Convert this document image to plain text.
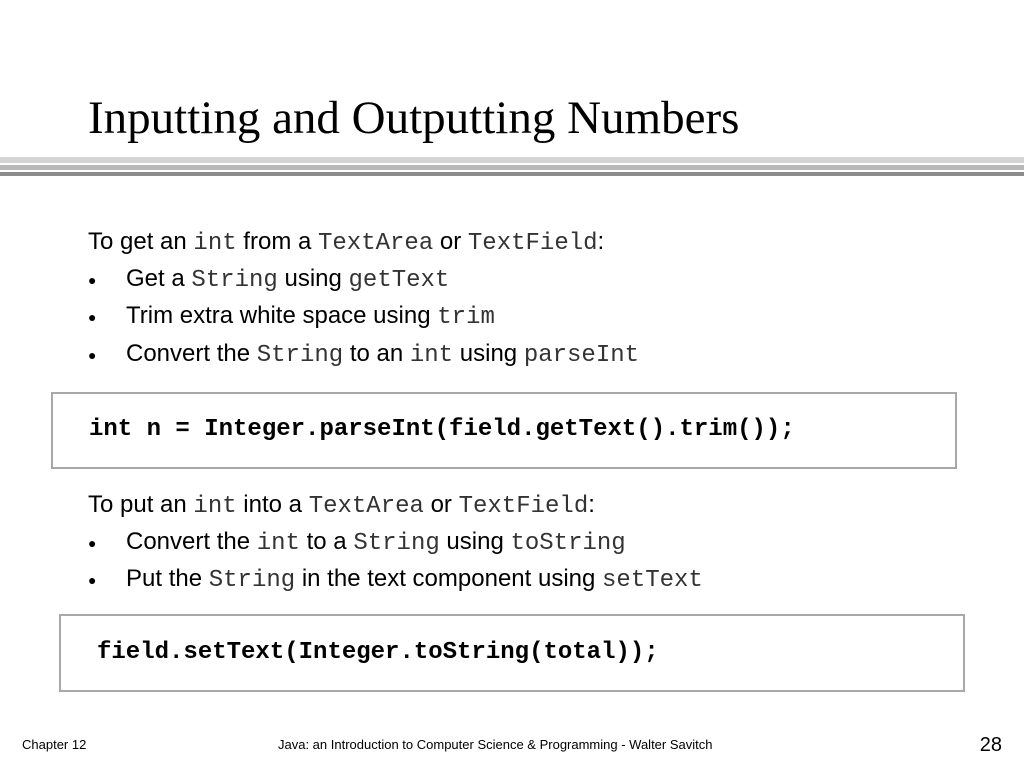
Inputting and Outputting Numbers
To get an int from a TextArea or TextField:
● Get a String using getText
● Trim extra white space using trim
● Convert the String to an int using parseInt
int n = Integer.parseInt(field.getText().trim());
To put an int into a TextArea or TextField:
● Convert the int to a String using toString
● Put the String in the text component using setText
field.setText(Integer.toString(total));
Chapter 12	Java: an Introduction to Computer Science & Programming - Walter Savitch	28
